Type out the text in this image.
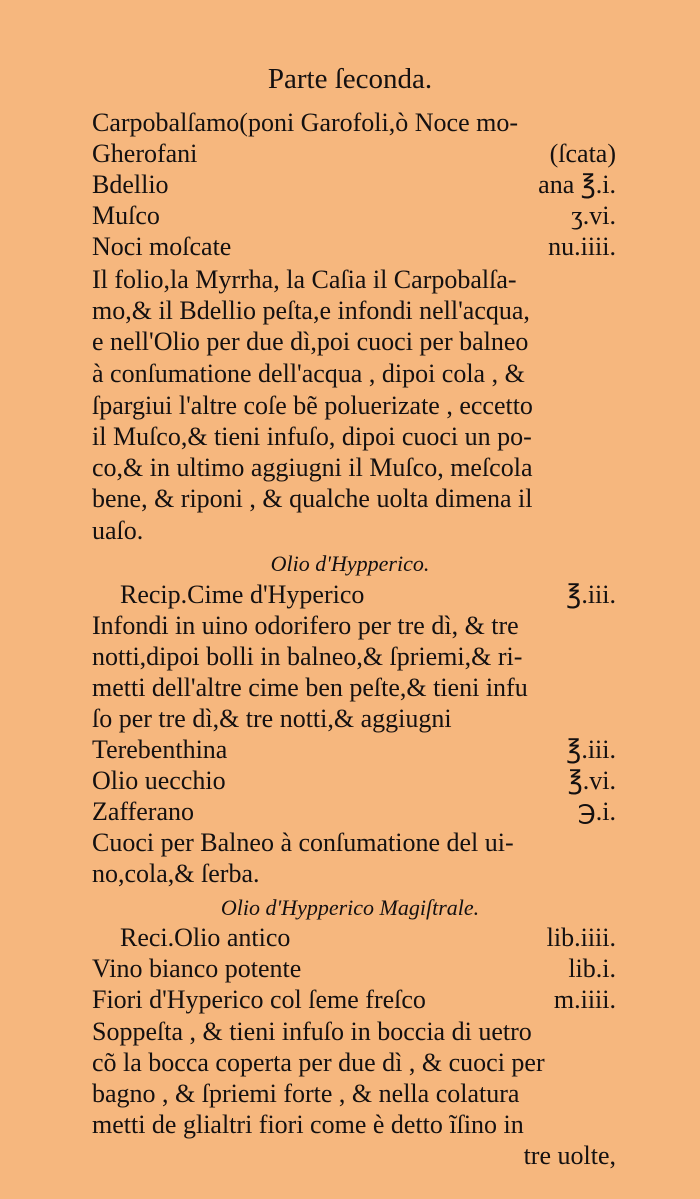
Parte ſeconda.
Carpobalſamo(poni Garofoli,ò Noce mo-
Gherofani	(ſcata)
Bdellio	ana ℥.i.
Muſco	ʒ.vi.
Noci moſcate	nu.iiii.
Il folio,la Myrrha, la Caſia il Carpobalſa-
mo,& il Bdellio peſta,e infondi nell'acqua,
e nell'Olio per due dì,poi cuoci per balneo
à conſumatione dell'acqua , dipoi cola , &
ſpargiui l'altre coſe bẽ poluerizate , eccetto
il Muſco,& tieni infuſo, dipoi cuoci un po-
co,& in ultimo aggiugni il Muſco, meſcola
bene, & riponi , & qualche uolta dimena il
uaſo.
Olio d'Hypperico.
Recip.Cime d'Hyperico	℥.iii.
Infondi in uino odorifero per tre dì, & tre
notti,dipoi bolli in balneo,& ſpriemi,& ri-
metti dell'altre cime ben peſte,& tieni infu
ſo per tre dì,& tre notti,& aggiugni
Terebenthina	℥.iii.
Olio uecchio	℥.vi.
Zafferano	℈.i.
Cuoci per Balneo à conſumatione del ui-
no,cola,& ſerba.
Olio d'Hypperico Magiſtrale.
Reci.Olio antico	lib.iiii.
Vino bianco potente	lib.i.
Fiori d'Hyperico col ſeme freſco	m.iiii.
Soppeſta , & tieni infuſo in boccia di uetro
cõ la bocca coperta per due dì , & cuoci per
bagno , & ſpriemi forte , & nella colatura
metti de glialtri fiori come è detto ĩſino in
tre uolte,
